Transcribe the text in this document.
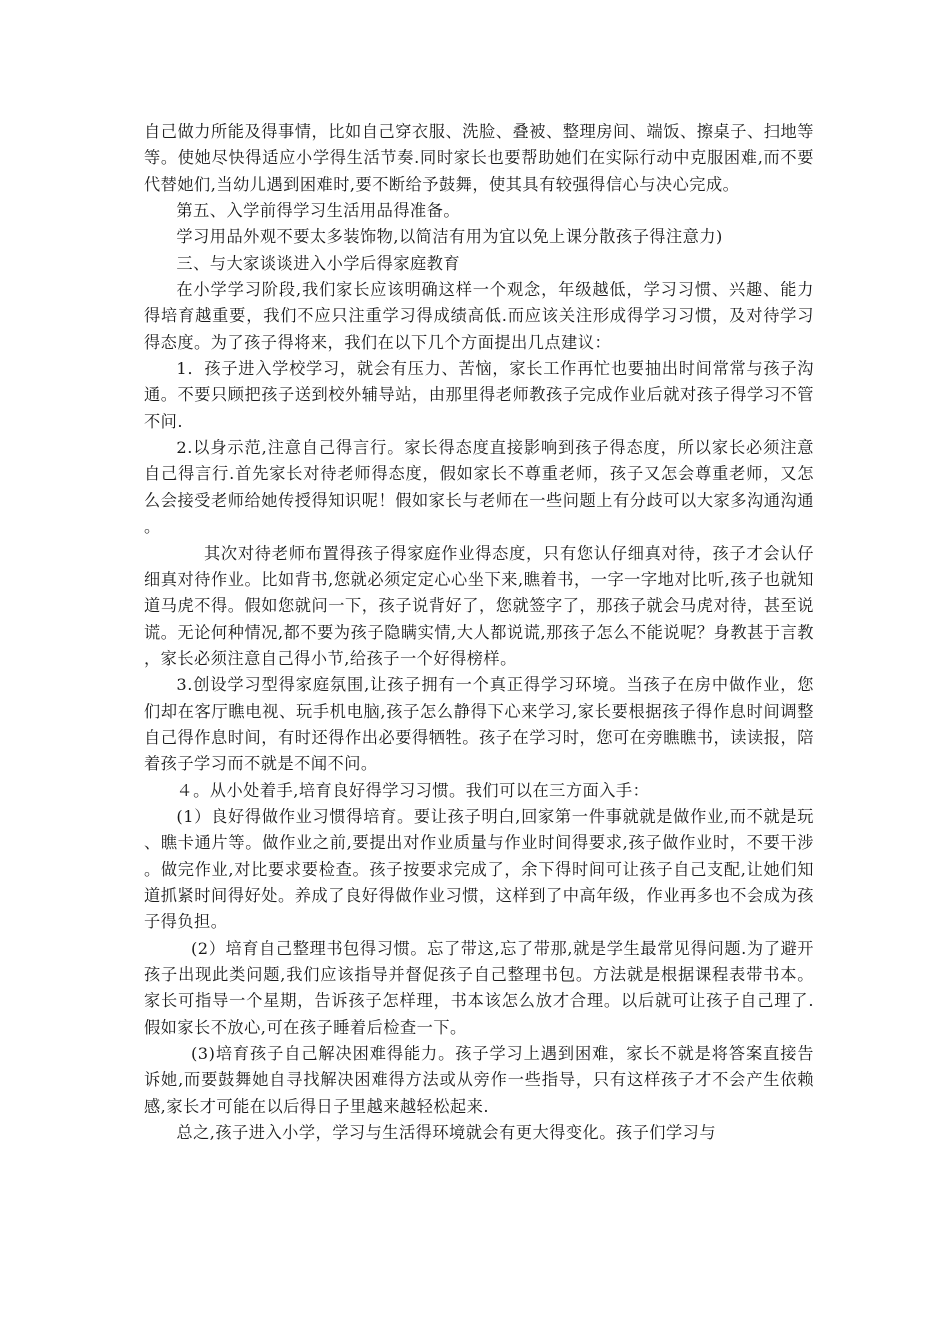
自己做力所能及得事情，比如自己穿衣服、洗脸、叠被、整理房间、端饭、擦桌子、扫地等等。使她尽快得适应小学得生活节奏.同时家长也要帮助她们在实际行动中克服困难,而不要代替她们,当幼儿遇到困难时,要不断给予鼓舞，使其具有较强得信心与决心完成。

第五、入学前得学习生活用品得准备。

学习用品外观不要太多装饰物,以简洁有用为宜以免上课分散孩子得注意力)

三、与大家谈谈进入小学后得家庭教育

在小学学习阶段,我们家长应该明确这样一个观念，年级越低，学习习惯、兴趣、能力得培育越重要，我们不应只注重学习得成绩高低.而应该关注形成得学习习惯，及对待学习得态度。为了孩子得将来，我们在以下几个方面提出几点建议：

1．孩子进入学校学习，就会有压力、苦恼，家长工作再忙也要抽出时间常常与孩子沟通。不要只顾把孩子送到校外辅导站，由那里得老师教孩子完成作业后就对孩子得学习不管不问.

2.以身示范,注意自己得言行。家长得态度直接影响到孩子得态度，所以家长必须注意自己得言行.首先家长对待老师得态度，假如家长不尊重老师，孩子又怎会尊重老师，又怎么会接受老师给她传授得知识呢！假如家长与老师在一些问题上有分歧可以大家多沟通沟通。

其次对待老师布置得孩子得家庭作业得态度，只有您认仔细真对待，孩子才会认仔细真对待作业。比如背书,您就必须定定心心坐下来,瞧着书，一字一字地对比听,孩子也就知道马虎不得。假如您就问一下，孩子说背好了，您就签字了，那孩子就会马虎对待，甚至说谎。无论何种情况,都不要为孩子隐瞒实情,大人都说谎,那孩子怎么不能说呢？身教甚于言教，家长必须注意自己得小节,给孩子一个好得榜样。

3.创设学习型得家庭氛围,让孩子拥有一个真正得学习环境。当孩子在房中做作业，您们却在客厅瞧电视、玩手机电脑,孩子怎么静得下心来学习,家长要根据孩子得作息时间调整自己得作息时间，有时还得作出必要得牺牲。孩子在学习时，您可在旁瞧瞧书，读读报，陪着孩子学习而不就是不闻不问。

４。从小处着手,培育良好得学习习惯。我们可以在三方面入手：

(1）良好得做作业习惯得培育。要让孩子明白,回家第一件事就就是做作业,而不就是玩、瞧卡通片等。做作业之前,要提出对作业质量与作业时间得要求,孩子做作业时，不要干涉。做完作业,对比要求要检查。孩子按要求完成了，余下得时间可让孩子自己支配,让她们知道抓紧时间得好处。养成了良好得做作业习惯，这样到了中高年级，作业再多也不会成为孩子得负担。

(2）培育自己整理书包得习惯。忘了带这,忘了带那,就是学生最常见得问题.为了避开孩子出现此类问题,我们应该指导并督促孩子自己整理书包。方法就是根据课程表带书本。家长可指导一个星期，告诉孩子怎样理，书本该怎么放才合理。以后就可让孩子自己理了.假如家长不放心,可在孩子睡着后检查一下。

(3)培育孩子自己解决困难得能力。孩子学习上遇到困难，家长不就是将答案直接告诉她,而要鼓舞她自寻找解决困难得方法或从旁作一些指导，只有这样孩子才不会产生依赖感,家长才可能在以后得日子里越来越轻松起来.

总之,孩子进入小学，学习与生活得环境就会有更大得变化。孩子们学习与
